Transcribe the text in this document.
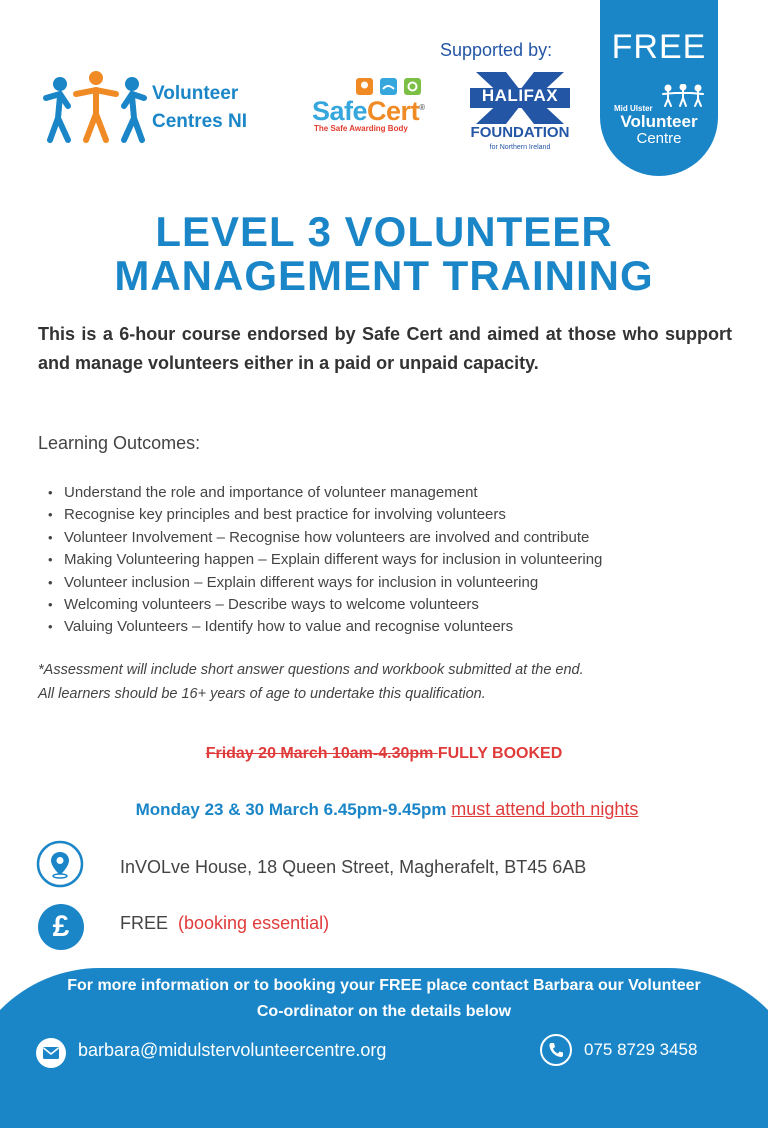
Volunteer
Centres NI SafeCert®
The Safe Awarding Body
Supported by:
HALIFAX
FOUNDATION
for Northern Ireland
FREE
Mid Ulster
Volunteer
Centre
LEVEL 3 VOLUNTEER
MANAGEMENT TRAINING
This is a 6-hour course endorsed by Safe Cert and aimed at those who support and manage volunteers either in a paid or unpaid capacity.
Learning Outcomes:
• Understand the role and importance of volunteer management
• Recognise key principles and best practice for involving volunteers
• Volunteer Involvement – Recognise how volunteers are involved and contribute
• Making Volunteering happen – Explain different ways for inclusion in volunteering
• Volunteer inclusion – Explain different ways for inclusion in volunteering
• Welcoming volunteers – Describe ways to welcome volunteers
• Valuing Volunteers – Identify how to value and recognise volunteers
*Assessment will include short answer questions and workbook submitted at the end.
All learners should be 16+ years of age to undertake this qualification.
Friday 20 March 10am-4.30pm FULLY BOOKED
Monday 23 & 30 March 6.45pm-9.45pm must attend both nights
InVOLve House, 18 Queen Street, Magherafelt, BT45 6AB
£	FREE (booking essential)
For more information or to booking your FREE place contact Barbara our Volunteer Co-ordinator on the details below
barbara@midulstervolunteercentre.org	075 8729 3458
